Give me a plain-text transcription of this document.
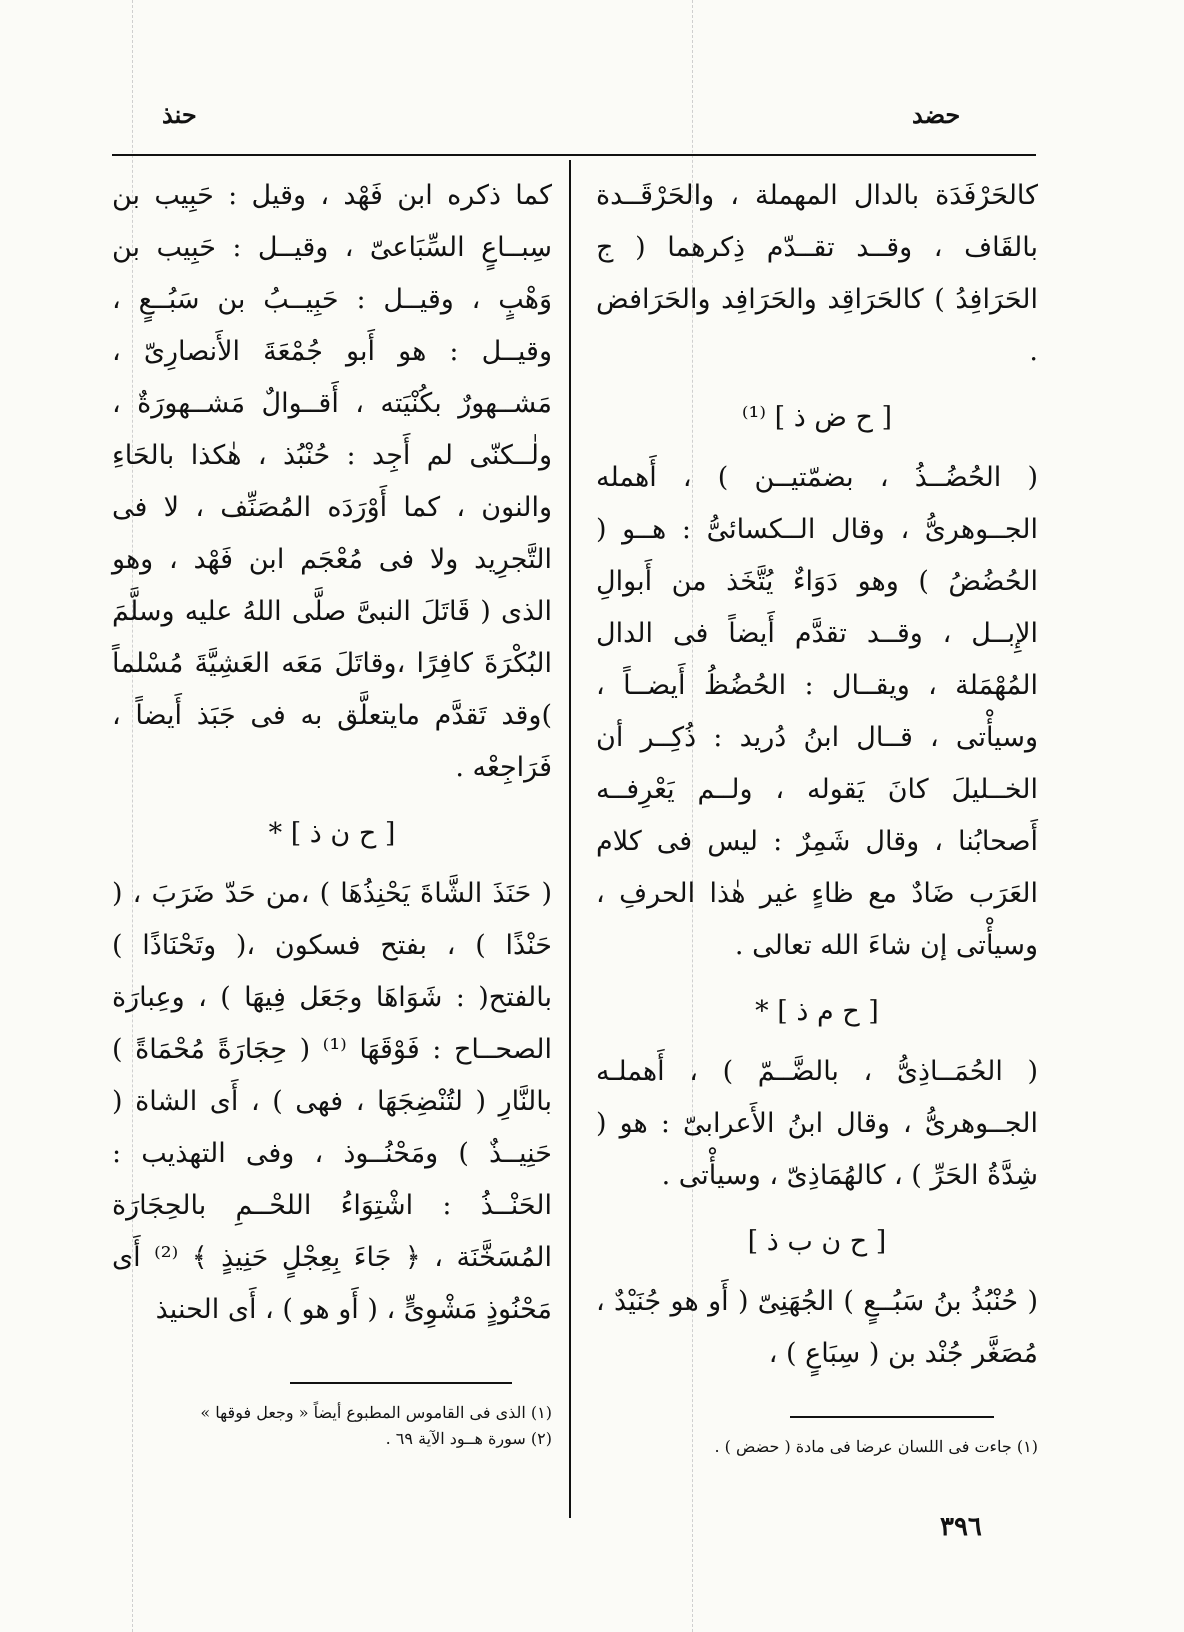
حضد
حنذ

كالحَرْفَدَة بالدال المهملة ، والحَرْقَــدة بالقَاف ، وقــد تقــدّم ذِكرهما ( ج الحَرَافِدُ ) كالحَرَاقِد والحَرَافِد والحَرَافض .

[ ح ض ذ ] ⁽¹⁾

( الحُضُــذُ ، بضمّتيــن ) ، أَهمله الجــوهرىُّ ، وقال الــكسائىُّ : هــو ( الحُضُضُ ) وهو دَوَاءٌ يُتَّخَذ من أَبوالِ الإِبــل ، وقــد تقدَّم أَيضاً فى الدال المُهْمَلة ، ويقــال : الحُضُظُ أَيضــاً ، وسيأْتى ، قــال ابنُ دُريد : ذُكِــر أن الخــليلَ كانَ يَقوله ، ولــم يَعْرِفــه أَصحابُنا ، وقال شَمِرٌ : ليس فى كلام العَرَب ضَادٌ مع ظاءٍ غير هٰذا الحرفِ ، وسيأْتى إن شاءَ الله تعالى .

[ ح م ذ ] *

( الحُمَــاذِىُّ ، بالضَّــمّ ) ، أَهملـه الجــوهرىُّ ، وقال ابنُ الأَعرابىّ : هو ( شِدَّةُ الحَرِّ ) ، كالهُمَاذِىّ ، وسيأْتى .

[ ح ن ب ذ ]

( حُنْبُذُ بنُ سَبُــعٍ ) الجُهَنِىّ ( أَو هو جُنَيْدٌ ، مُصَغَّر جُنْد بن ( سِبَاعٍ ) ،

كما ذكره ابن فَهْد ، وقيل : حَبِيب بن سِبــاعٍ السِّبَاعىّ ، وقيــل : حَبِيب بن وَهْبٍ ، وقيــل : حَبِيــبُ بن سَبُــعٍ ، وقيــل : هو أَبو جُمْعَةَ الأَنصارِىّ ، مَشــهورٌ بكُنْيَته ، أَقــوالٌ مَشــهورَةٌ ، ولٰــكنّى لم أَجِد : حُنْبُذ ، هٰكذا بالحَاءِ والنون ، كما أَوْرَدَه المُصَنِّف ، لا فى التَّجرِيد ولا فى مُعْجَم ابن فَهْد ، وهو الذى ( قَاتَلَ النبىَّ صلَّى اللهُ عليه وسلَّمَ البُكْرَةَ كافِرًا ،وقاتَلَ مَعَه العَشِيَّةَ مُسْلماً )وقد تَقدَّم مايتعلَّق به فى جَبَذ أَيضاً ، فَرَاجِعْه .

[ ح ن ذ ] *

( حَنَذَ الشَّاةَ يَحْنِذُهَا ) ،من حَدّ ضَرَبَ ، ( حَنْذًا ) ، بفتح فسكون ،( وتَحْنَاذًا ) بالفتح( : شَوَاهَا وجَعَل فِيهَا ) ، وعِبارَة الصحــاح : فَوْقَهَا ⁽¹⁾ ( حِجَارَةً مُحْمَاةً ) بالنَّارِ ( لتُنْضِجَهَا ، فهى ) ، أَى الشاة ( حَنِيــذٌ ) ومَحْنُــوذ ، وفى التهذيب : الحَنْــذُ : اشْتِوَاءُ اللحْــمِ بالحِجَارَة المُسَخَّنَة ، ﴿ جَاءَ بِعِجْلٍ حَنِيذٍ ﴾ ⁽²⁾ أَى مَحْنُوذٍ مَشْوِىٍّ ، ( أَو هو ) ، أَى الحنيذ

(١) الذى فى القاموس المطبوع أيضاً « وجعل فوقها »
(٢) سورة هــود الآية ٦٩ .	(١) جاءت فى اللسان عرضا فى مادة ( حضض ) .
٣٩٦
